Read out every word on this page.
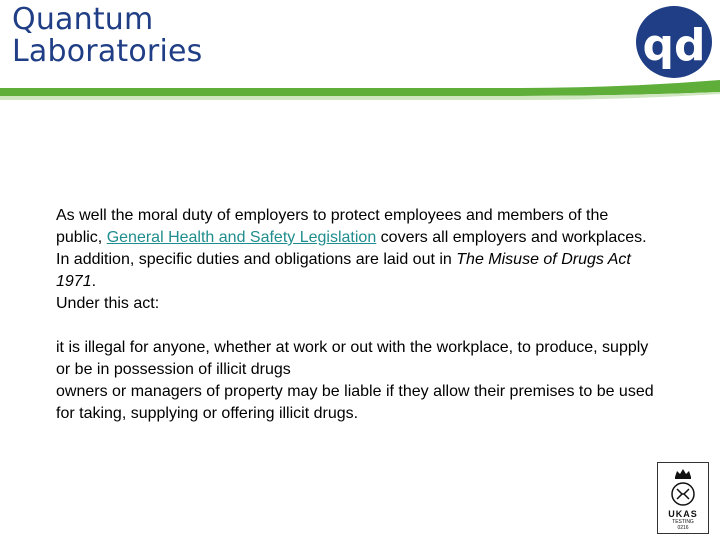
Quantum
Laboratories	qd

As well the moral duty of employers to protect employees and members of the public, General Health and Safety Legislation covers all employers and workplaces.

In addition, specific duties and obligations are laid out in The Misuse of Drugs Act 1971.

Under this act:

it is illegal for anyone, whether at work or out with the workplace, to produce, supply or be in possession of illicit drugs

owners or managers of property may be liable if they allow their premises to be used for taking, supplying or offering illicit drugs.

UKAS
TESTING
0216
